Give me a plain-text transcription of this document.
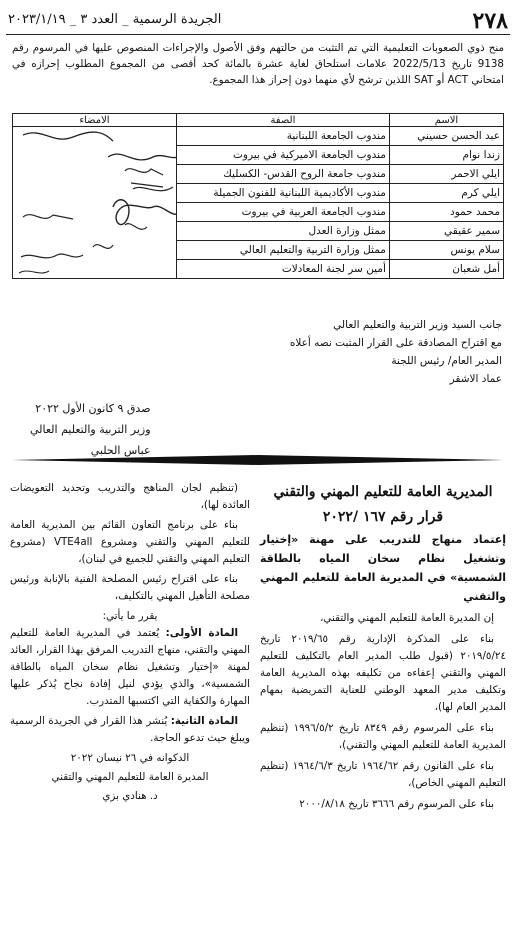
٢٧٨
الجريدة الرسمية _ العدد ٣ _ ٢٠٢٣/١/١٩
منح ذوي الصعوبات التعليمية التي تم التثبت من حالتهم وفق الأصول والإجراءات المنصوص عليها في المرسوم رقم 9138 تاريخ 2022/5/13 علامات استلحاق لغاية عشرة بالمائة كحد أقصى من المجموع المطلوب إحرازه في امتحاني ACT أو SAT اللذين ترشح لأي منهما دون إحراز هذا المجموع.
الاسم	الصفة	الامضاء
عبد الحسن حسيني	مندوب الجامعة اللبنانية	

زندا نوام	مندوب الجامعة الاميركية في بيروت	
ايلي الاحمر	مندوب جامعة الروح القدس- الكسليك	
ايلي كرم	مندوب الأكاديمية اللبنانية للفنون الجميلة	
محمد حمود	مندوب الجامعة العربية في بيروت	
سمير عقيقي	ممثل وزارة العدل	
سلام يونس	ممثل وزارة التربية والتعليم العالي	
أمل شعبان	أمين سر لجنة المعادلات	
جانب السيد وزير التربية والتعليم العالي
مع اقتراح المصادقة على القرار المثبت نصه أعلاه
المدير العام/ رئيس اللجنة
عماد الاشقر
صدق ٩ كانون الأول ٢٠٢٢
وزير التربية والتعليم العالي
عباس الحلبي
المديرية العامة للتعليم المهني والتقني
قرار رقم ١٦٧ /٢٠٢٢
إعتماد منهاج للتدريب على مهنة «إختيار وتشغيل نظام سخان المياه بالطاقة الشمسية» في المديرية العامة للتعليم المهني والتقني

إن المديرة العامة للتعليم المهني والتقني،

بناء على المذكرة الإدارية رقم ٢٠١٩/٦٥ تاريخ ٢٠١٩/٥/٢٤ (قبول طلب المدير العام بالتكليف للتعليم المهني والتقني إعفاءه من تكليفه بهذه المديرية العامة وتكليف مدير المعهد الوطني للعناية التمريضية بمهام المدير العام لها)،

بناء على المرسوم رقم ٨٣٤٩ تاريخ ١٩٩٦/٥/٢ (تنظيم المديرية العامة للتعليم المهني والتقني)،

بناء على القانون رقم ١٩٦٤/٦٢ تاريخ ١٩٦٤/٦/٣ (تنظيم التعليم المهني الخاص)،

بناء على المرسوم رقم ٣٦٦٦ تاريخ ٢٠٠٠/٨/١٨

(تنظيم لجان المناهج والتدريب وتحديد التعويضات العائدة لها)،

بناء على برنامج التعاون القائم بين المديرية العامة للتعليم المهني والتقني ومشروع VTE4all (مشروع التعليم المهني والتقني للجميع في لبنان)،

بناء على اقتراح رئيس المصلحة الفنية بالإنابة ورئيس مصلحة التأهيل المهني بالتكليف،

يقرر ما يأتي:

المادة الأولى: يُعتمد في المديرية العامة للتعليم المهني والتقني، منهاج التدريب المرفق بهذا القرار، العائد لمهنة «إختيار وتشغيل نظام سخان المياه بالطاقة الشمسية»، والذي يؤدي لنيل إفادة نجاح يُذكر عليها المهارة والكفاية التي اكتسبها المتدرب.

المادة الثانية: يُنشر هذا القرار في الجريدة الرسمية ويبلغ حيث تدعو الحاجة.

الدكوانه في ٢٦ نيسان ٢٠٢٢
المديرة العامة للتعليم المهني والتقني
د. هنادي بزي
